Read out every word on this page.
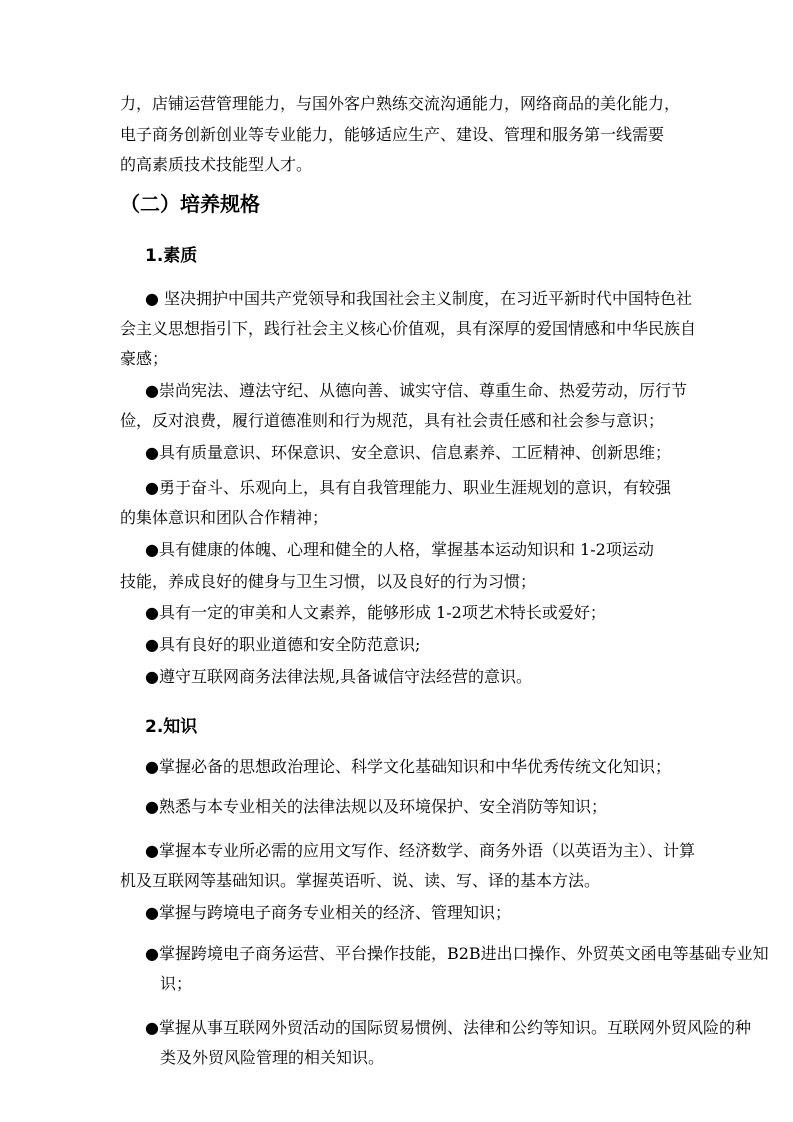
力，店铺运营管理能力，与国外客户熟练交流沟通能力，网络商品的美化能力，
电子商务创新创业等专业能力，能够适应生产、建设、管理和服务第一线需要
的高素质技术技能型人才。
（二）培养规格
1.素质
● 坚决拥护中国共产党领导和我国社会主义制度，在习近平新时代中国特色社
会主义思想指引下，践行社会主义核心价值观，具有深厚的爱国情感和中华民族自
豪感；
●崇尚宪法、遵法守纪、从德向善、诚实守信、尊重生命、热爱劳动，厉行节
俭，反对浪费，履行道德准则和行为规范，具有社会责任感和社会参与意识；
●具有质量意识、环保意识、安全意识、信息素养、工匠精神、创新思维；
●勇于奋斗、乐观向上，具有自我管理能力、职业生涯规划的意识，有较强
的集体意识和团队合作精神；
●具有健康的体魄、心理和健全的人格，掌握基本运动知识和 1-2项运动
技能，养成良好的健身与卫生习惯，以及良好的行为习惯；
●具有一定的审美和人文素养，能够形成 1-2项艺术特长或爱好；
●具有良好的职业道德和安全防范意识;
●遵守互联网商务法律法规,具备诚信守法经营的意识。
2.知识
●掌握必备的思想政治理论、科学文化基础知识和中华优秀传统文化知识；
●熟悉与本专业相关的法律法规以及环境保护、安全消防等知识；
●掌握本专业所必需的应用文写作、经济数学、商务外语（以英语为主）、计算
机及互联网等基础知识。掌握英语听、说、读、写、译的基本方法。
●掌握与跨境电子商务专业相关的经济、管理知识；
●掌握跨境电子商务运营、平台操作技能，B2B进出口操作、外贸英文函电等基础专业知
识；
●掌握从事互联网外贸活动的国际贸易惯例、法律和公约等知识。互联网外贸风险的种
类及外贸风险管理的相关知识。
